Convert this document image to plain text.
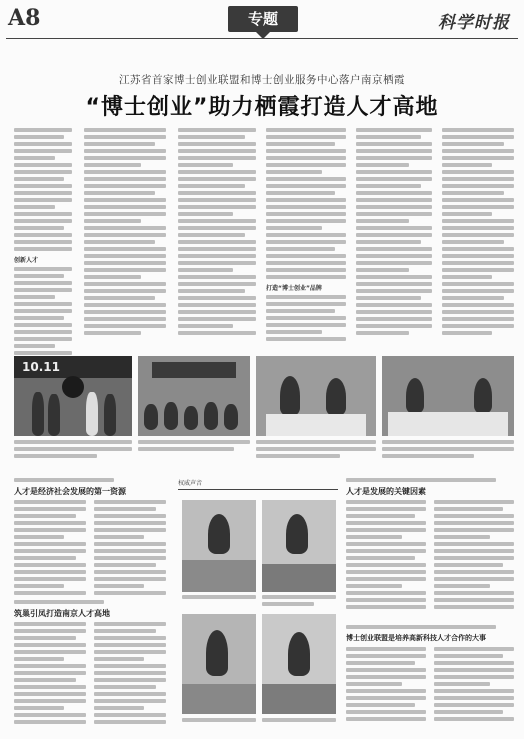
A8	专题	科学时报
江苏省首家博士创业联盟和博士创业服务中心落户南京栖霞
“博士创业”助力栖霞打造人才高地
创新人才
打造“博士创业”品牌
10.11
人才是经济社会发展的第一资源
筑巢引凤打造南京人才高地
权威声音
人才是发展的关键因素
博士创业联盟是培养高新科技人才合作的大事
